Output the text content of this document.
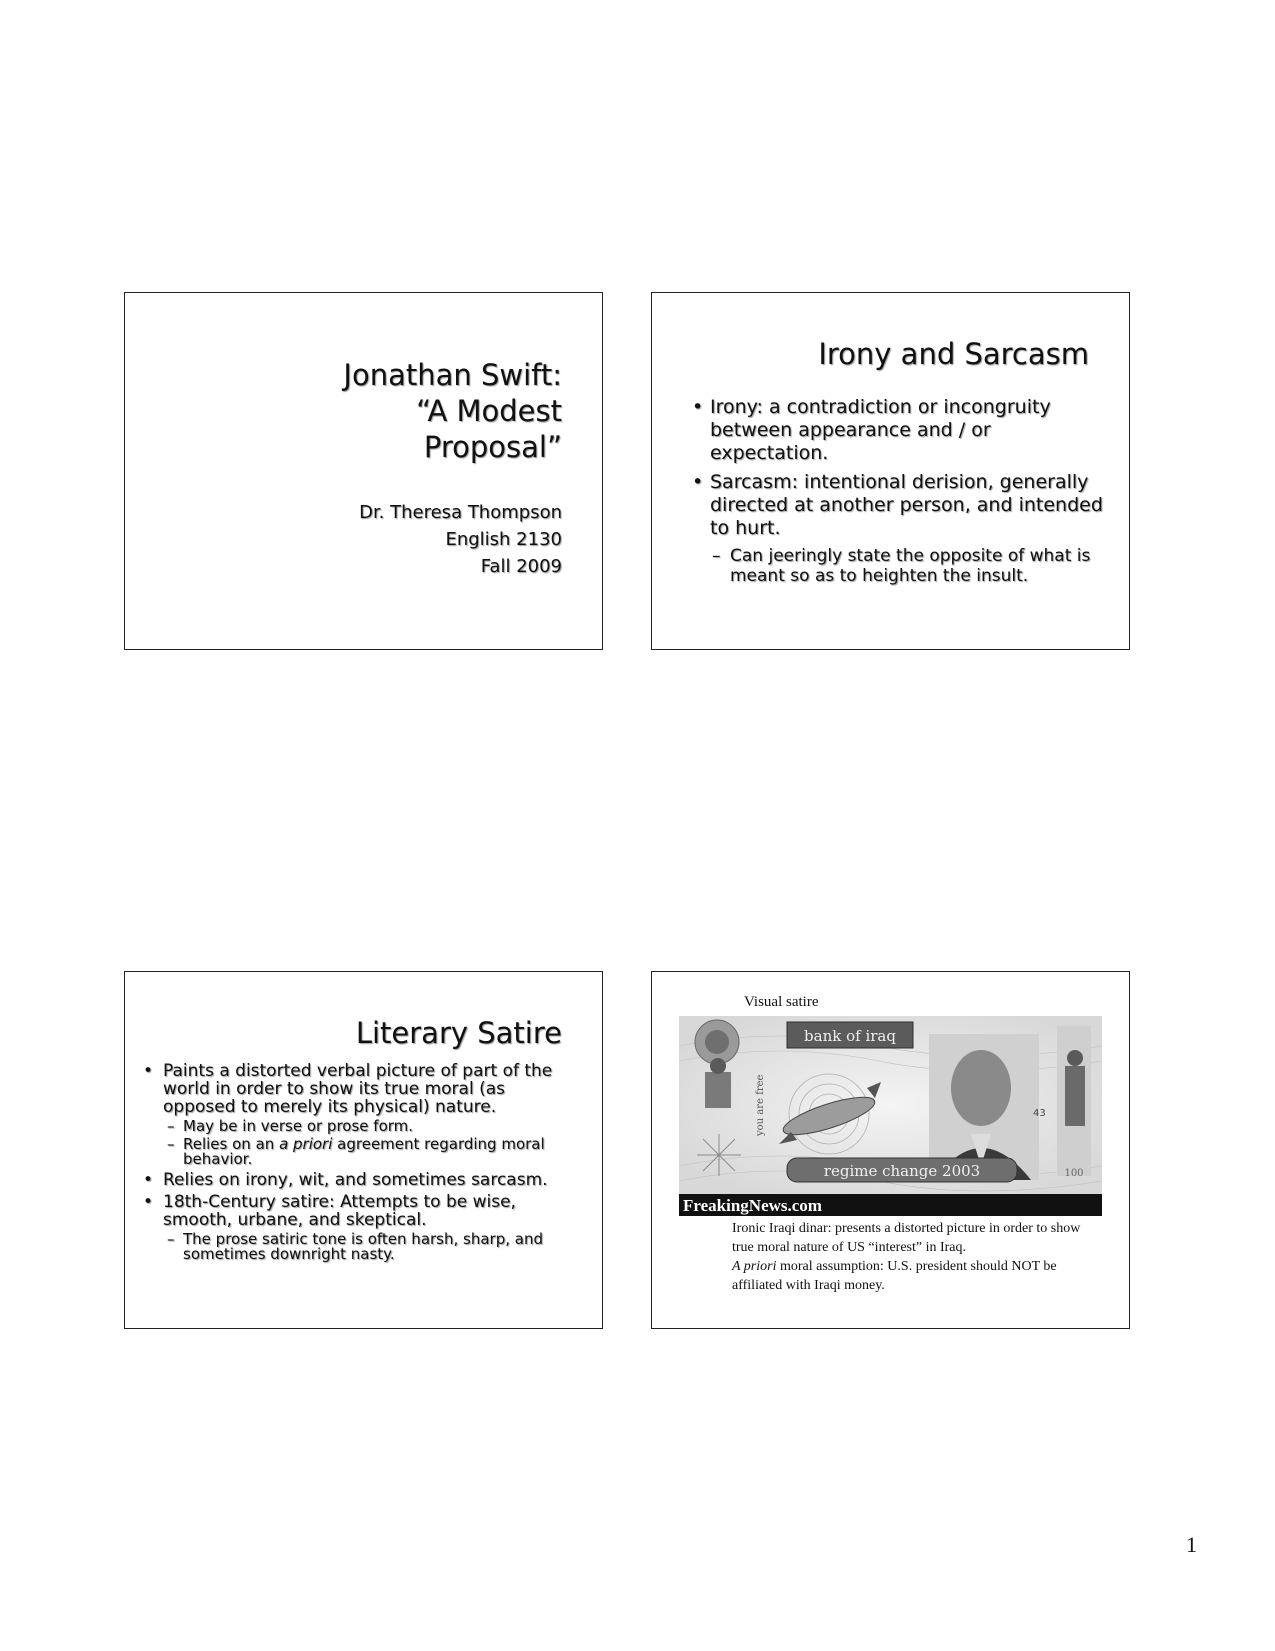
Jonathan Swift:
“A Modest
Proposal”
Dr. Theresa Thompson
English 2130
Fall 2009
Irony and Sarcasm
• Irony: a contradiction or incongruity between appearance and / or expectation.
• Sarcasm: intentional derision, generally directed at another person, and intended to hurt.
– Can jeeringly state the opposite of what is meant so as to heighten the insult.
Literary Satire
• Paints a distorted verbal picture of part of the world in order to show its true moral (as opposed to merely its physical) nature.
– May be in verse or prose form.
– Relies on an a priori agreement regarding moral behavior.
• Relies on irony, wit, and sometimes sarcasm.
• 18th-Century satire: Attempts to be wise, smooth, urbane, and skeptical.
– The prose satiric tone is often harsh, sharp, and sometimes downright nasty.
Visual satire
bank of iraq
you are free	43
100
regime change 2003
FreakingNews.com
Ironic Iraqi dinar: presents a distorted picture in order to show true moral nature of US “interest” in Iraq.
A priori moral assumption: U.S. president should NOT be affiliated with Iraqi money.
1
